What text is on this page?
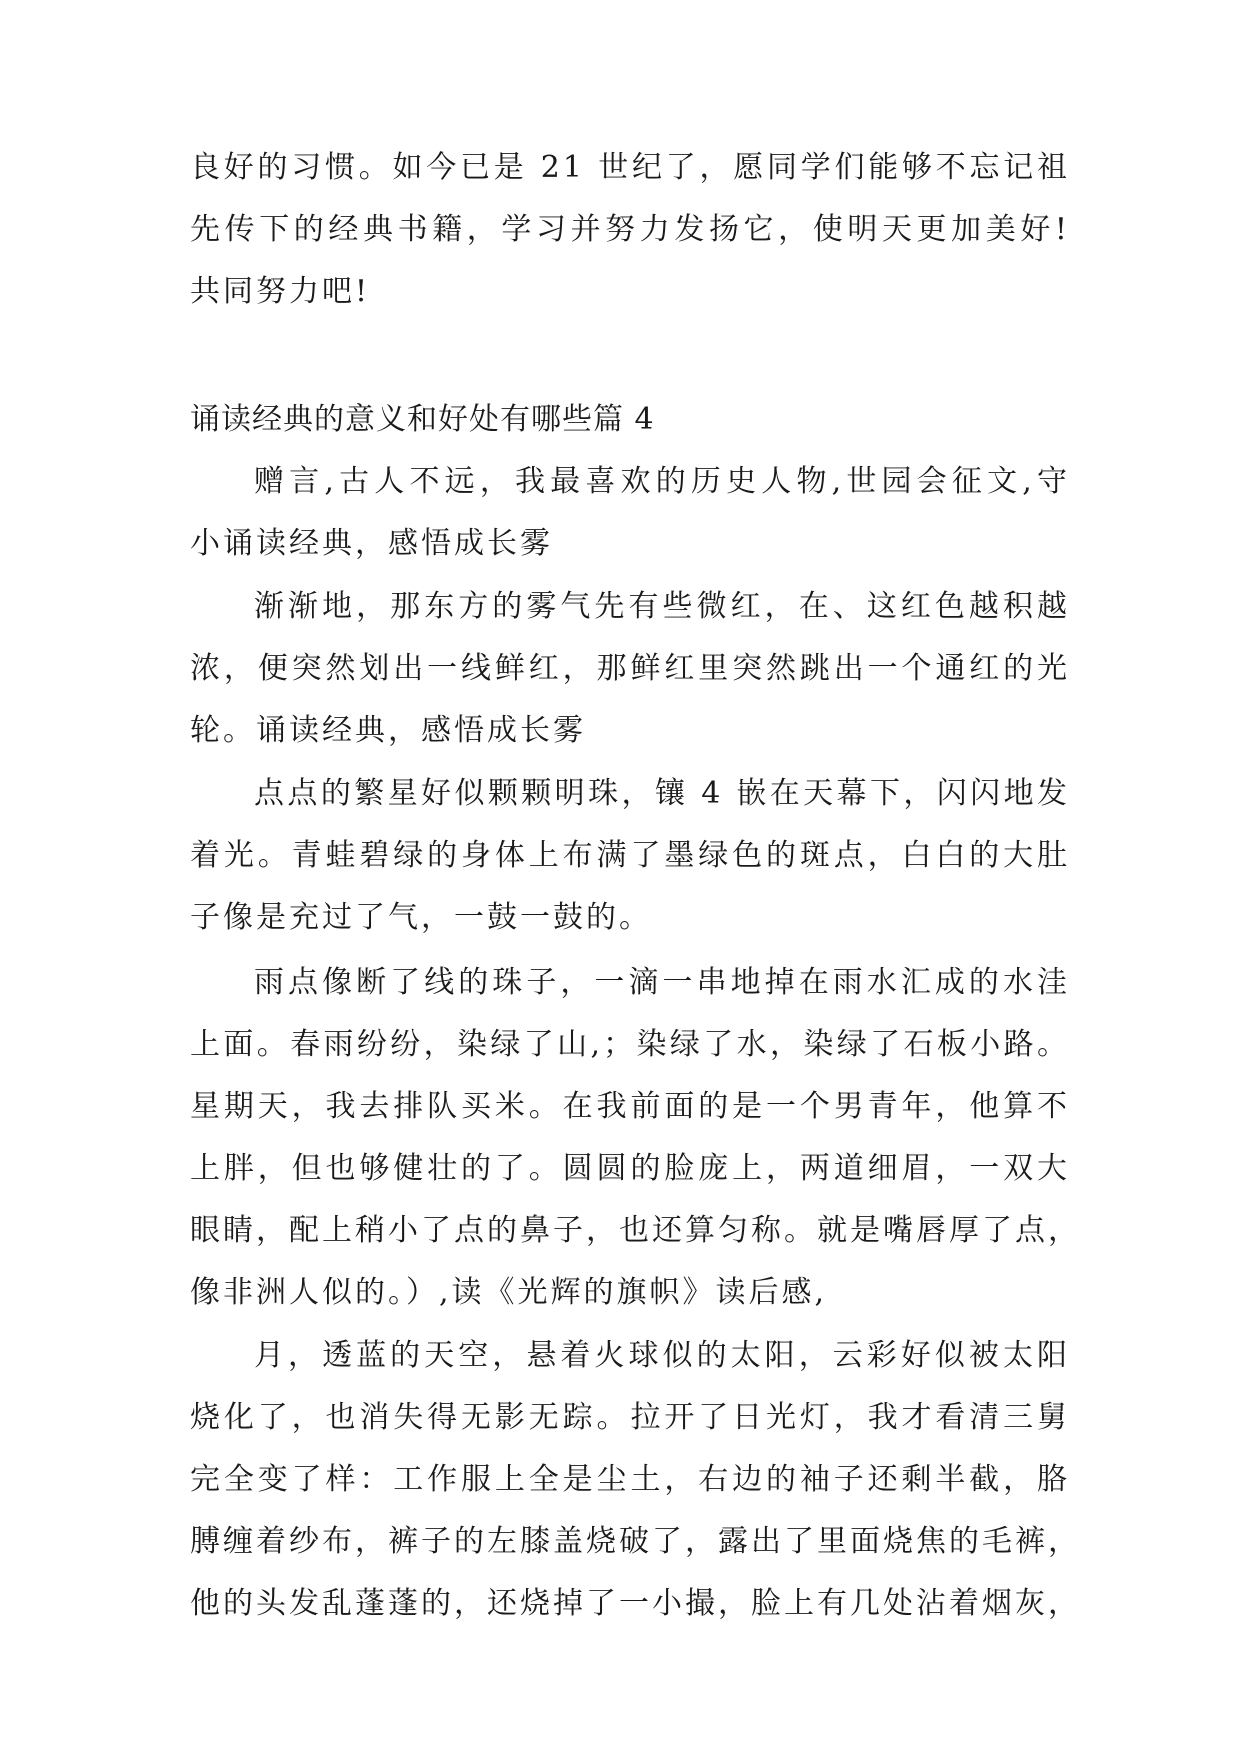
良好的习惯。如今已是 21 世纪了，愿同学们能够不忘记祖
先传下的经典书籍，学习并努力发扬它，使明天更加美好!
共同努力吧!
诵读经典的意义和好处有哪些篇 4
赠言,古人不远，我最喜欢的历史人物,世园会征文,守
小诵读经典，感悟成长雾
渐渐地，那东方的雾气先有些微红，在、这红色越积越
浓，便突然划出一线鲜红，那鲜红里突然跳出一个通红的光
轮。诵读经典，感悟成长雾
点点的繁星好似颗颗明珠，镶 4 嵌在天幕下，闪闪地发
着光。青蛙碧绿的身体上布满了墨绿色的斑点，白白的大肚
子像是充过了气，一鼓一鼓的。
雨点像断了线的珠子，一滴一串地掉在雨水汇成的水洼
上面。春雨纷纷，染绿了山,；染绿了水，染绿了石板小路。
星期天，我去排队买米。在我前面的是一个男青年，他算不
上胖，但也够健壮的了。圆圆的脸庞上，两道细眉，一双大
眼睛，配上稍小了点的鼻子，也还算匀称。就是嘴唇厚了点，
像非洲人似的。）,读《光辉的旗帜》读后感,
月，透蓝的天空，悬着火球似的太阳，云彩好似被太阳
烧化了，也消失得无影无踪。拉开了日光灯，我才看清三舅
完全变了样：工作服上全是尘土，右边的袖子还剩半截，胳
膊缠着纱布，裤子的左膝盖烧破了，露出了里面烧焦的毛裤，
他的头发乱蓬蓬的，还烧掉了一小撮，脸上有几处沾着烟灰，
